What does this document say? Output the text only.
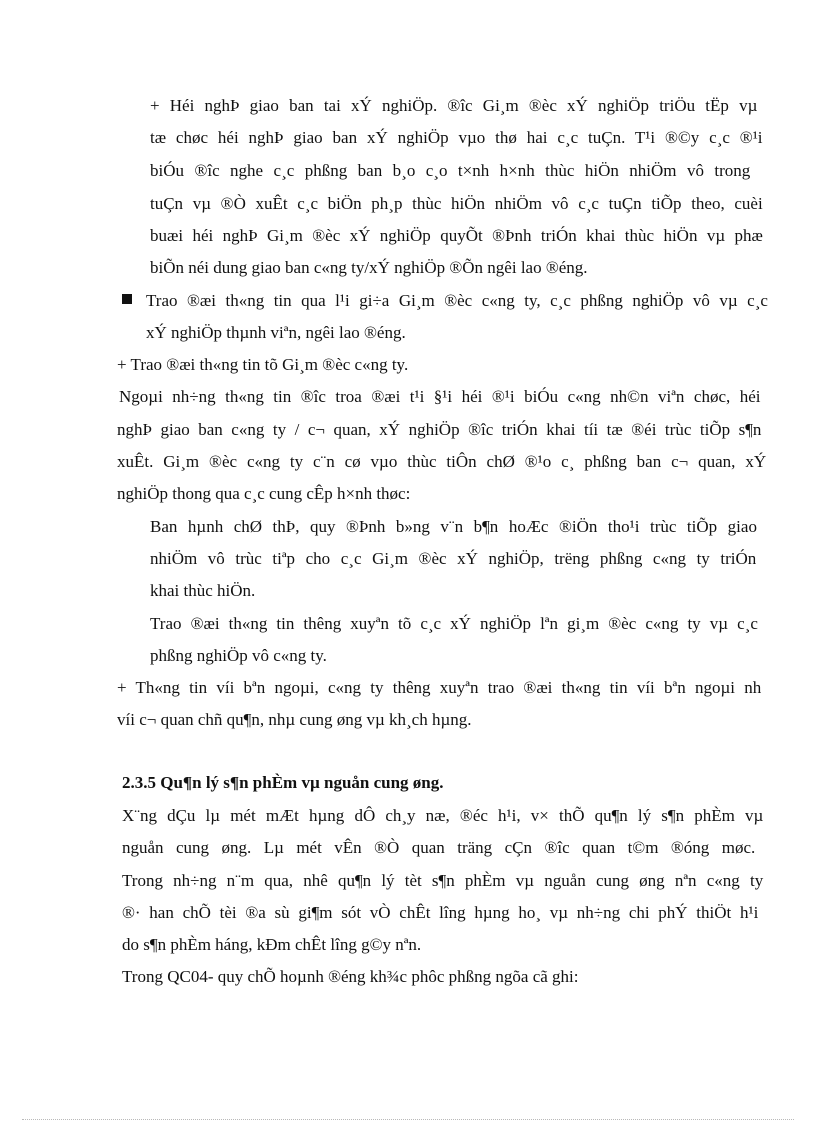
+ Héi nghÞ giao ban tai xÝ nghiÖp. ®îc Gi¸m ®èc xÝ nghiÖp triÖu tËp vµ
tæ chøc héi nghÞ giao ban xÝ nghiÖp vµo thø hai c¸c tuÇn. T¹i ®©y c¸c ®¹i
biÓu ®îc nghe c¸c phßng ban b¸o c¸o t×nh h×nh thùc hiÖn nhiÖm vô trong
tuÇn vµ ®Ò xuÊt c¸c biÖn ph¸p thùc hiÖn nhiÖm vô c¸c tuÇn tiÕp theo, cuèi
buæi héi nghÞ Gi¸m ®èc xÝ nghiÖp quyÕt ®Þnh triÓn khai thùc hiÖn vµ phæ
biÕn néi dung giao ban c«ng ty/xÝ nghiÖp ®Õn ngêi lao ®éng.
Trao ®æi th«ng tin qua l¹i gi÷a Gi¸m ®èc c«ng ty, c¸c phßng nghiÖp vô vµ c¸c
xÝ nghiÖp thµnh viªn, ngêi lao ®éng.
+ Trao ®æi th«ng tin tõ Gi¸m ®èc c«ng ty.
Ngoµi nh÷ng th«ng tin ®îc troa ®æi t¹i §¹i héi ®¹i biÓu c«ng nh©n viªn chøc, héi
nghÞ giao ban c«ng ty / c¬ quan, xÝ nghiÖp ®îc triÓn khai tíi tæ ®éi trùc tiÕp s¶n
xuÊt. Gi¸m ®èc c«ng ty c¨n cø vµo thùc tiÔn chØ ®¹o c¸ phßng ban c¬ quan, xÝ
nghiÖp thong qua c¸c cung cÊp h×nh thøc:
Ban hµnh chØ thÞ, quy ®Þnh b»ng v¨n b¶n hoÆc ®iÖn tho¹i trùc tiÕp giao
nhiÖm vô trùc tiªp cho c¸c Gi¸m ®èc xÝ nghiÖp, trëng phßng c«ng ty triÓn
khai thùc hiÖn.
Trao ®æi th«ng tin thêng xuyªn tõ c¸c xÝ nghiÖp lªn gi¸m ®èc c«ng ty vµ c¸c
phßng nghiÖp vô c«ng ty.
+ Th«ng tin víi bªn ngoµi, c«ng ty thêng xuyªn trao ®æi th«ng tin víi bªn ngoµi nh
víi c¬ quan chñ qu¶n, nhµ cung øng vµ kh¸ch hµng.
2.3.5 Qu¶n lý s¶n phÈm vµ nguån cung øng.
X¨ng dÇu lµ mét mÆt hµng dÔ ch¸y næ, ®éc h¹i, v× thÕ qu¶n lý s¶n phÈm vµ
nguån cung øng. Lµ mét vÊn ®Ò quan träng cÇn ®îc quan t©m ®óng møc.
Trong nh÷ng n¨m qua, nhê qu¶n lý tèt s¶n phÈm vµ nguån cung øng nªn c«ng ty
®· han chÕ tèi ®a sù gi¶m sót vÒ chÊt lîng hµng ho¸ vµ nh÷ng chi phÝ thiÖt h¹i
do s¶n phÈm háng, kÐm chÊt lîng g©y nªn.
Trong QC04- quy chÕ hoµnh ®éng kh¾c phôc phßng ngõa cã ghi:
